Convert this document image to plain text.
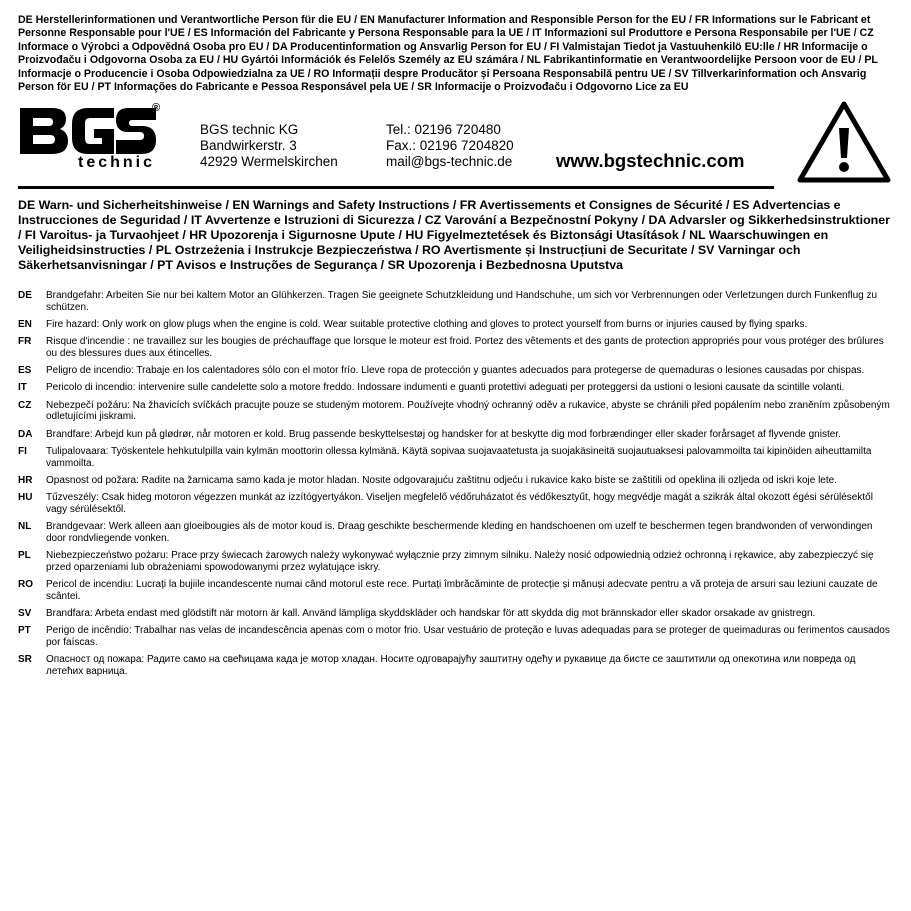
DE Herstellerinformationen und Verantwortliche Person für die EU / EN Manufacturer Information and Responsible Person for the EU / FR Informations sur le Fabricant et Personne Responsable pour l'UE / ES Información del Fabricante y Persona Responsable para la UE / IT Informazioni sul Produttore e Persona Responsabile per l'UE / CZ Informace o Výrobci a Odpovědná Osoba pro EU / DA Producentinformation og Ansvarlig Person for EU / FI Valmistajan Tiedot ja Vastuuhenkilö EU:lle / HR Informacije o Proizvođaču i Odgovorna Osoba za EU / HU Gyártói Információk és Felelős Személy az EU számára / NL Fabrikantinformatie en Verantwoordelijke Persoon voor de EU / PL Informacje o Producencie i Osoba Odpowiedzialna za UE / RO Informații despre Producător și Persoana Responsabilă pentru UE / SV Tillverkarinformation och Ansvarig Person för EU / PT Informações do Fabricante e Pessoa Responsável pela UE / SR Informacije o Proizvođaču i Odgovorno Lice za EU
®
technic
BGS technic KG
Bandwirkerstr. 3
42929 Wermelskirchen
Tel.: 02196 720480
Fax.: 02196 7204820
mail@bgs-technic.de www.bgstechnic.com
DE Warn- und Sicherheitshinweise / EN Warnings and Safety Instructions / FR Avertissements et Consignes de Sécurité / ES Advertencias e Instrucciones de Seguridad / IT Avvertenze e Istruzioni di Sicurezza / CZ Varování a Bezpečnostní Pokyny / DA Advarsler og Sikkerhedsinstruktioner / FI Varoitus- ja Turvaohjeet / HR Upozorenja i Sigurnosne Upute / HU Figyelmeztetések és Biztonsági Utasítások / NL Waarschuwingen en Veiligheidsinstructies / PL Ostrzeżenia i Instrukcje Bezpieczeństwa / RO Avertismente și Instrucțiuni de Securitate / SV Varningar och Säkerhetsanvisningar / PT Avisos e Instruções de Segurança / SR Upozorenja i Bezbednosna Uputstva
DE Brandgefahr: Arbeiten Sie nur bei kaltem Motor an Glühkerzen. Tragen Sie geeignete Schutzkleidung und Handschuhe, um sich vor Verbrennungen oder Verletzungen durch Funkenflug zu schützen.
EN Fire hazard: Only work on glow plugs when the engine is cold. Wear suitable protective clothing and gloves to protect yourself from burns or injuries caused by flying sparks.
FR Risque d'incendie : ne travaillez sur les bougies de préchauffage que lorsque le moteur est froid. Portez des vêtements et des gants de protection appropriés pour vous protéger des brûlures ou des blessures dues aux étincelles.
ES Peligro de incendio: Trabaje en los calentadores sólo con el motor frío. Lleve ropa de protección y guantes adecuados para protegerse de quemaduras o lesiones causadas por chispas.
IT Pericolo di incendio: intervenire sulle candelette solo a motore freddo. Indossare indumenti e guanti protettivi adeguati per proteggersi da ustioni o lesioni causate da scintille volanti.
CZ Nebezpečí požáru: Na žhavicích svíčkách pracujte pouze se studeným motorem. Používejte vhodný ochranný oděv a rukavice, abyste se chránili před popálením nebo zraněním způsobeným odletujícími jiskrami.
DA Brandfare: Arbejd kun på glødrør, når motoren er kold. Brug passende beskyttelsestøj og handsker for at beskytte dig mod forbrændinger eller skader forårsaget af flyvende gnister.
FI Tulipalovaara: Työskentele hehkutulpilla vain kylmän moottorin ollessa kylmänä. Käytä sopivaa suojavaatetusta ja suojakäsineitä suojautuaksesi palovammoilta tai kipinöiden aiheuttamilta vammoilta.
HR Opasnost od požara: Radite na žarnicama samo kada je motor hladan. Nosite odgovarajuću zaštitnu odjeću i rukavice kako biste se zaštitili od opeklina ili ozljeda od iskri koje lete.
HU Tűzveszély: Csak hideg motoron végezzen munkát az izzítógyertyákon. Viseljen megfelelő védőruházatot és védőkesztyűt, hogy megvédje magát a szikrák által okozott égési sérülésektől vagy sérülésektől.
NL Brandgevaar: Werk alleen aan gloeibougies als de motor koud is. Draag geschikte beschermende kleding en handschoenen om uzelf te beschermen tegen brandwonden of verwondingen door rondvliegende vonken.
PL Niebezpieczeństwo pożaru: Prace przy świecach żarowych należy wykonywać wyłącznie przy zimnym silniku. Należy nosić odpowiednią odzież ochronną i rękawice, aby zabezpieczyć się przed oparzeniami lub obrażeniami spowodowanymi przez wylatujące iskry.
RO Pericol de incendiu: Lucrați la bujiile incandescente numai când motorul este rece. Purtați îmbrăcăminte de protecție și mănuși adecvate pentru a vă proteja de arsuri sau leziuni cauzate de scântei.
SV Brandfara: Arbeta endast med glödstift när motorn är kall. Använd lämpliga skyddskläder och handskar för att skydda dig mot brännskador eller skador orsakade av gnistregn.
PT Perigo de incêndio: Trabalhar nas velas de incandescência apenas com o motor frio. Usar vestuário de proteção e luvas adequadas para se proteger de queimaduras ou ferimentos causados por faíscas.
SR Опасност од пожара: Радите само на свећицама када је мотор хладан. Носите одговарајућу заштитну одећу и рукавице да бисте се заштитили од опекотина или повреда од летећих варница.
